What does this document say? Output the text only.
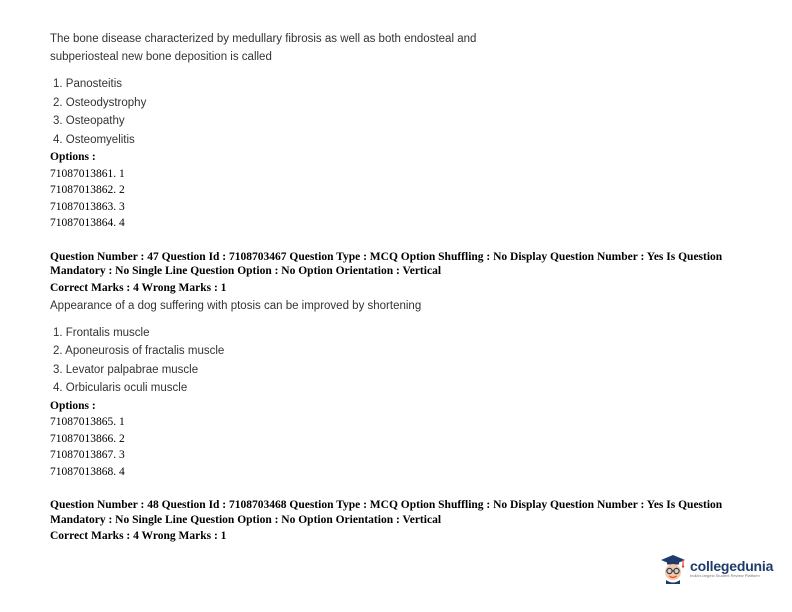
The bone disease characterized by medullary fibrosis as well as both endosteal and subperiosteal new bone deposition is called
1. Panosteitis
2. Osteodystrophy
3. Osteopathy
4. Osteomyelitis
Options :
71087013861. 1
71087013862. 2
71087013863. 3
71087013864. 4
Question Number : 47 Question Id : 7108703467 Question Type : MCQ Option Shuffling : No Display Question Number : Yes Is Question Mandatory : No Single Line Question Option : No Option Orientation : Vertical
Correct Marks : 4 Wrong Marks : 1
Appearance of a dog suffering with ptosis can be improved by shortening
1. Frontalis muscle
2. Aponeurosis of fractalis muscle
3. Levator palpabrae muscle
4. Orbicularis oculi muscle
Options :
71087013865. 1
71087013866. 2
71087013867. 3
71087013868. 4
Question Number : 48 Question Id : 7108703468 Question Type : MCQ Option Shuffling : No Display Question Number : Yes Is Question Mandatory : No Single Line Question Option : No Option Orientation : Vertical
Correct Marks : 4 Wrong Marks : 1
collegedunia
India's largest Student Review Platform
